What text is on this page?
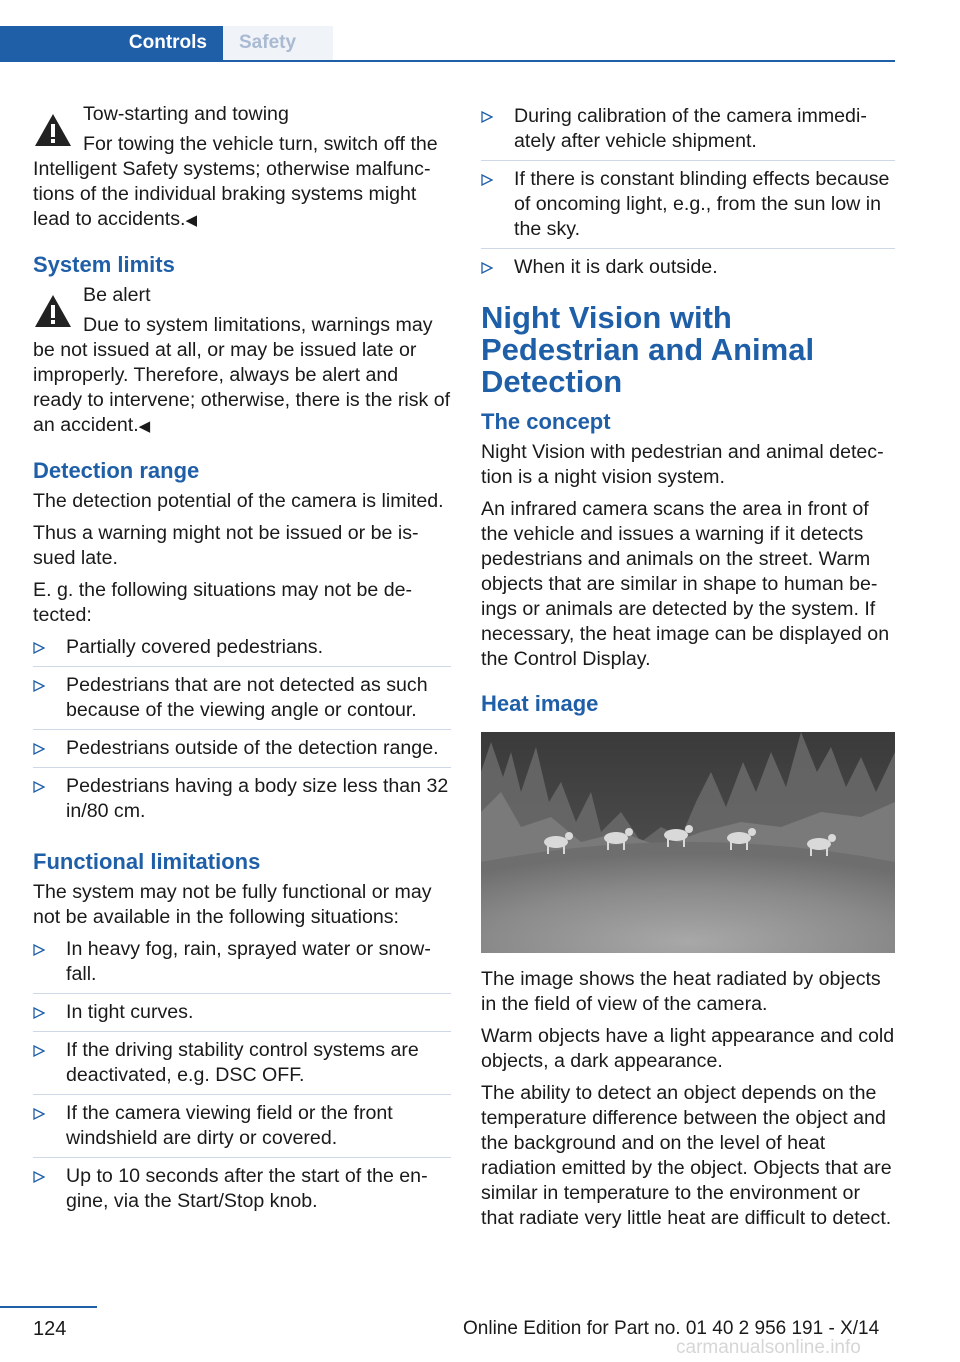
Controls	Safety

Tow-starting and towing

For towing the vehicle turn, switch off the
Intelligent Safety systems; otherwise malfunctions of the individual braking systems might lead to accidents.◀

System limits

Be alert

Due to system limitations, warnings may
be not issued at all, or may be issued late or improperly. Therefore, always be alert and ready to intervene; otherwise, there is the risk of an accident.◀

Detection range

The detection potential of the camera is limited.

Thus a warning might not be issued or be issued late.

E. g. the following situations may not be detected:

Partially covered pedestrians.
Pedestrians that are not detected as such because of the viewing angle or contour.
Pedestrians outside of the detection range.
Pedestrians having a body size less than 32 in/80 cm.
Functional limitations

The system may not be fully functional or may not be available in the following situations:

In heavy fog, rain, sprayed water or snowfall.
In tight curves.
If the driving stability control systems are deactivated, e.g. DSC OFF.
If the camera viewing field or the front windshield are dirty or covered.
Up to 10 seconds after the start of the engine, via the Start/Stop knob.
During calibration of the camera immediately after vehicle shipment.
If there is constant blinding effects because of oncoming light, e.g., from the sun low in the sky.
When it is dark outside.
Night Vision with Pedestrian and Animal Detection
The concept

Night Vision with pedestrian and animal detection is a night vision system.

An infrared camera scans the area in front of the vehicle and issues a warning if it detects pedestrians and animals on the street. Warm objects that are similar in shape to human beings or animals are detected by the system. If necessary, the heat image can be displayed on the Control Display.

Heat image

The image shows the heat radiated by objects in the field of view of the camera.

Warm objects have a light appearance and cold objects, a dark appearance.

The ability to detect an object depends on the temperature difference between the object and the background and on the level of heat radiation emitted by the object. Objects that are similar in temperature to the environment or that radiate very little heat are difficult to detect.

124	Online Edition for Part no. 01 40 2 956 191 - X/14
carmanualsonline.info
